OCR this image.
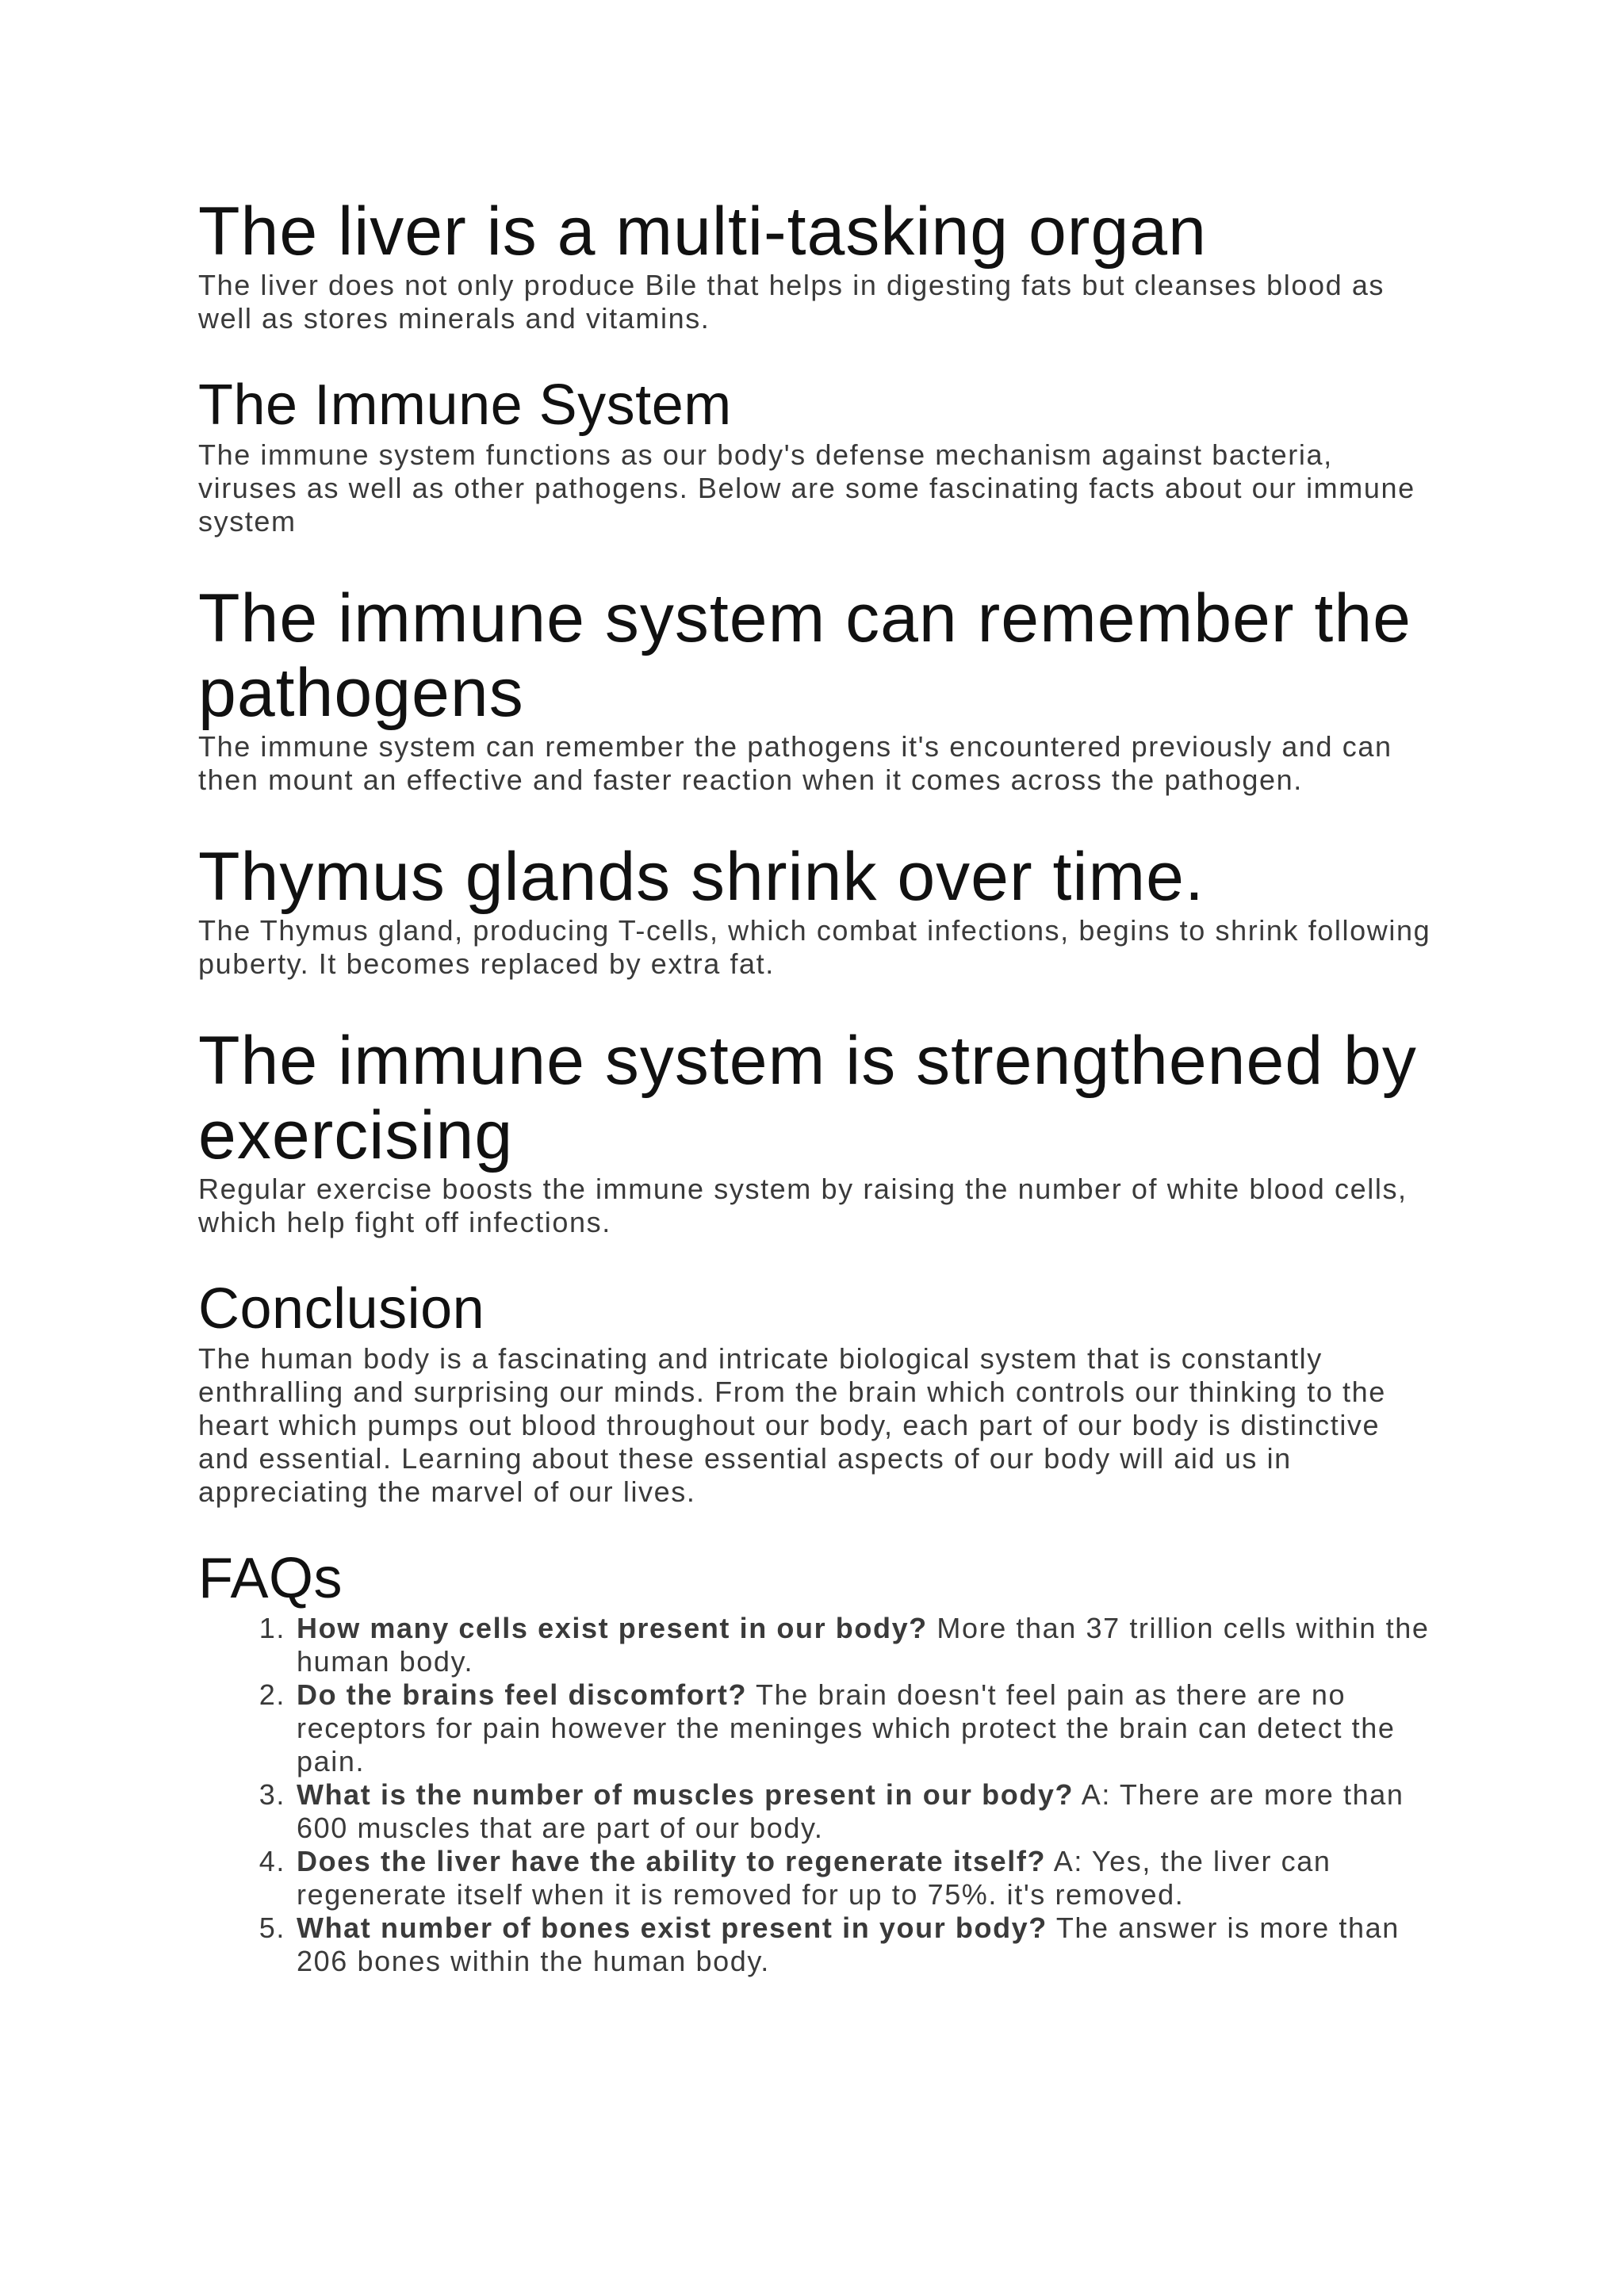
The liver is a multi-tasking organ

The liver does not only produce Bile that helps in digesting fats but cleanses blood as well as stores minerals and vitamins.

The Immune System

The immune system functions as our body's defense mechanism against bacteria, viruses as well as other pathogens. Below are some fascinating facts about our immune system

The immune system can remember the pathogens

The immune system can remember the pathogens it's encountered previously and can then mount an effective and faster reaction when it comes across the pathogen.

Thymus glands shrink over time.

The Thymus gland, producing T-cells, which combat infections, begins to shrink following puberty. It becomes replaced by extra fat.

The immune system is strengthened by exercising

Regular exercise boosts the immune system by raising the number of white blood cells, which help fight off infections.

Conclusion

The human body is a fascinating and intricate biological system that is constantly enthralling and surprising our minds. From the brain which controls our thinking to the heart which pumps out blood throughout our body, each part of our body is distinctive and essential. Learning about these essential aspects of our body will aid us in appreciating the marvel of our lives.

FAQs
1. How many cells exist present in our body? More than 37 trillion cells within the human body.
2. Do the brains feel discomfort? The brain doesn't feel pain as there are no receptors for pain however the meninges which protect the brain can detect the pain.
3. What is the number of muscles present in our body? A: There are more than 600 muscles that are part of our body.
4. Does the liver have the ability to regenerate itself? A: Yes, the liver can regenerate itself when it is removed for up to 75%. it's removed.
5. What number of bones exist present in your body? The answer is more than 206 bones within the human body.
